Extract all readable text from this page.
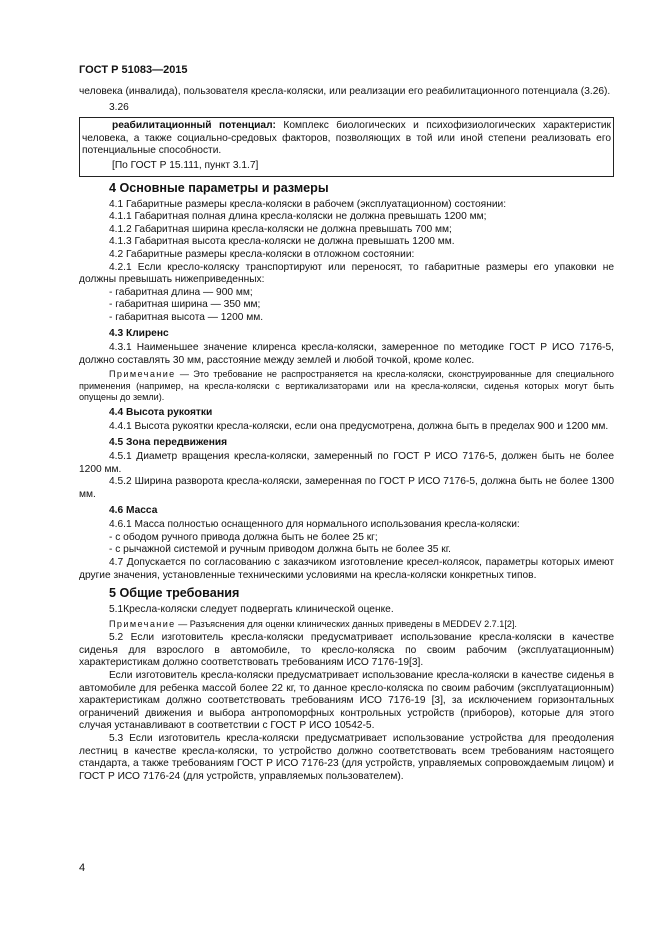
ГОСТ Р 51083—2015

человека (инвалида), пользователя кресла-коляски, или реализации его реабилитационного потенциала (3.26).

3.26

реабилитационный потенциал: Комплекс биологических и психофизиологических характеристик человека, а также социально-средовых факторов, позволяющих в той или иной степени реализовать его потенциальные способности.

[По ГОСТ Р 15.111, пункт 3.1.7]

4 Основные параметры и размеры

4.1 Габаритные размеры кресла-коляски в рабочем (эксплуатационном) состоянии:

4.1.1 Габаритная полная длина кресла-коляски не должна превышать 1200 мм;

4.1.2 Габаритная ширина кресла-коляски не должна превышать 700 мм;

4.1.3 Габаритная высота кресла-коляски не должна превышать 1200 мм.

4.2 Габаритные размеры кресла-коляски в отложном состоянии:

4.2.1 Если кресло-коляску транспортируют или переносят, то габаритные размеры его упаковки не должны превышать нижеприведенных:

- габаритная длина — 900 мм;

- габаритная ширина — 350 мм;

- габаритная высота — 1200 мм.

4.3 Клиренс

4.3.1 Наименьшее значение клиренса кресла-коляски, замеренное по методике ГОСТ Р ИСО 7176-5, должно составлять 30 мм, расстояние между землей и любой точкой, кроме колес.

Примечание — Это требование не распространяется на кресла-коляски, сконструированные для специального применения (например, на кресла-коляски с вертикализаторами или на кресла-коляски, сиденья которых могут быть опущены до земли).

4.4 Высота рукоятки

4.4.1 Высота рукоятки кресла-коляски, если она предусмотрена, должна быть в пределах 900 и 1200 мм.

4.5 Зона передвижения

4.5.1 Диаметр вращения кресла-коляски, замеренный по ГОСТ Р ИСО 7176-5, должен быть не более 1200 мм.

4.5.2 Ширина разворота кресла-коляски, замеренная по ГОСТ Р ИСО 7176-5, должна быть не более 1300 мм.

4.6 Масса

4.6.1 Масса полностью оснащенного для нормального использования кресла-коляски:

- с ободом ручного привода должна быть не более 25 кг;

- с рычажной системой и ручным приводом должна быть не более 35 кг.

4.7 Допускается по согласованию с заказчиком изготовление кресел-колясок, параметры которых имеют другие значения, установленные техническими условиями на кресла-коляски конкретных типов.

5 Общие требования

5.1Кресла-коляски следует подвергать клинической оценке.

Примечание — Разъяснения для оценки клинических данных приведены в MEDDEV 2.7.1[2].

5.2 Если изготовитель кресла-коляски предусматривает использование кресла-коляски в качестве сиденья для взрослого в автомобиле, то кресло-коляска по своим рабочим (эксплуатационным) характеристикам должно соответствовать требованиям ИСО 7176-19[3].

Если изготовитель кресла-коляски предусматривает использование кресла-коляски в качестве сиденья в автомобиле для ребенка массой более 22 кг, то данное кресло-коляска по своим рабочим (эксплуатационным) характеристикам должно соответствовать требованиям ИСО 7176-19 [3], за исключением горизонтальных ограничений движения и выбора антропоморфных контрольных устройств (приборов), которые для этого случая устанавливают в соответствии с ГОСТ Р ИСО 10542-5.

5.3 Если изготовитель кресла-коляски предусматривает использование устройства для преодоления лестниц в качестве кресла-коляски, то устройство должно соответствовать всем требованиям настоящего стандарта, а также требованиям ГОСТ Р ИСО 7176-23 (для устройств, управляемых сопровождаемым лицом) и ГОСТ Р ИСО 7176-24 (для устройств, управляемых пользователем).

4
